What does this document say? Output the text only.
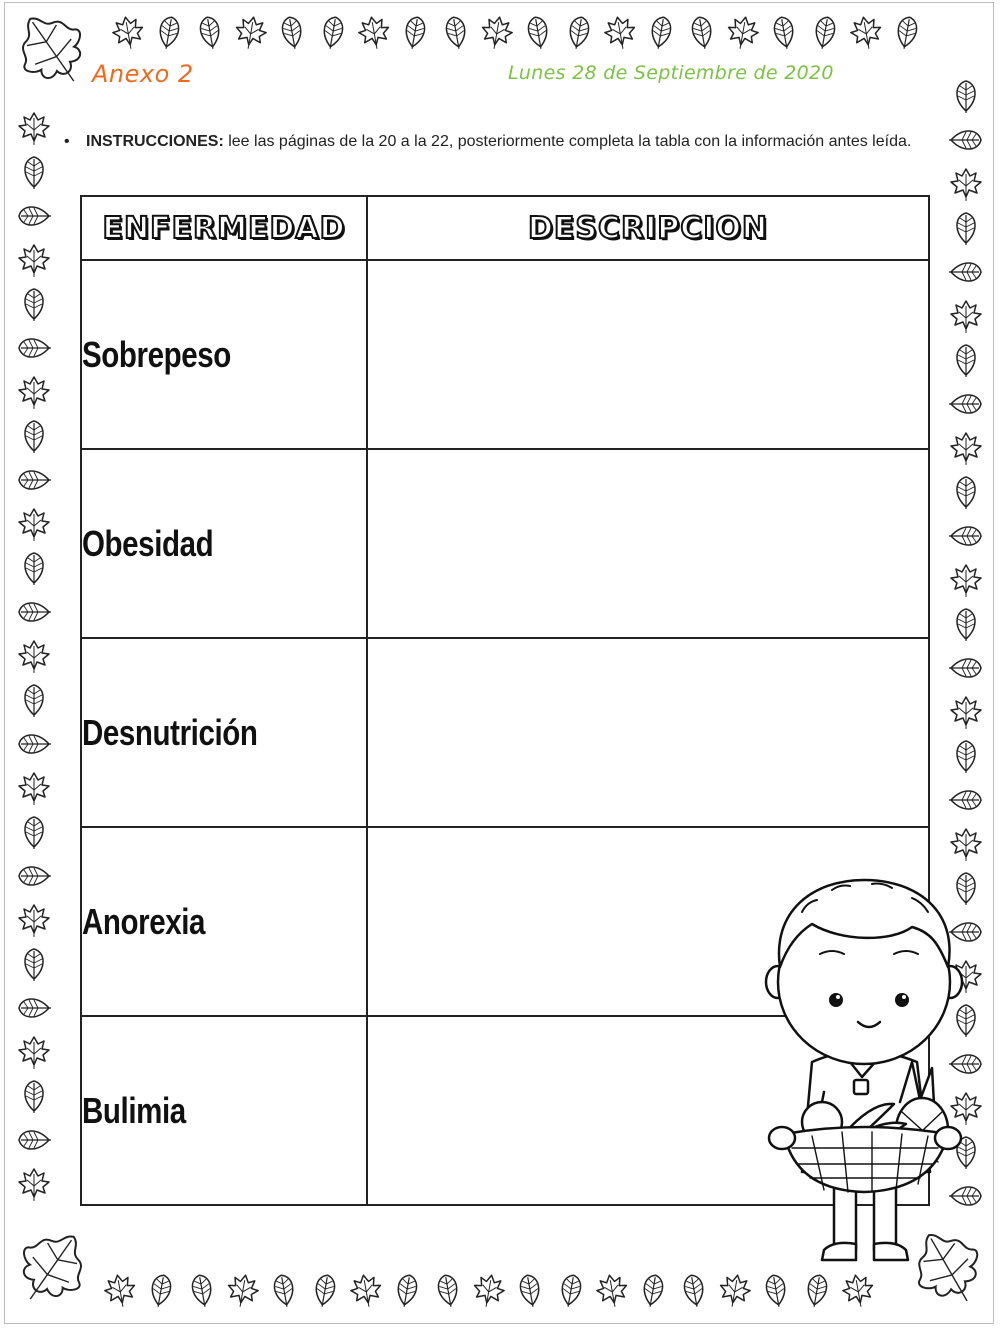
Anexo 2	Lunes 28 de Septiembre de 2020
• INSTRUCCIONES: lee las páginas de la 20 a la 22, posteriormente completa la tabla con la información antes leída.
ENFERMEDAD	DESCRIPCION
Sobrepeso	
Obesidad	
Desnutrición	
Anorexia	
Bulimia	
